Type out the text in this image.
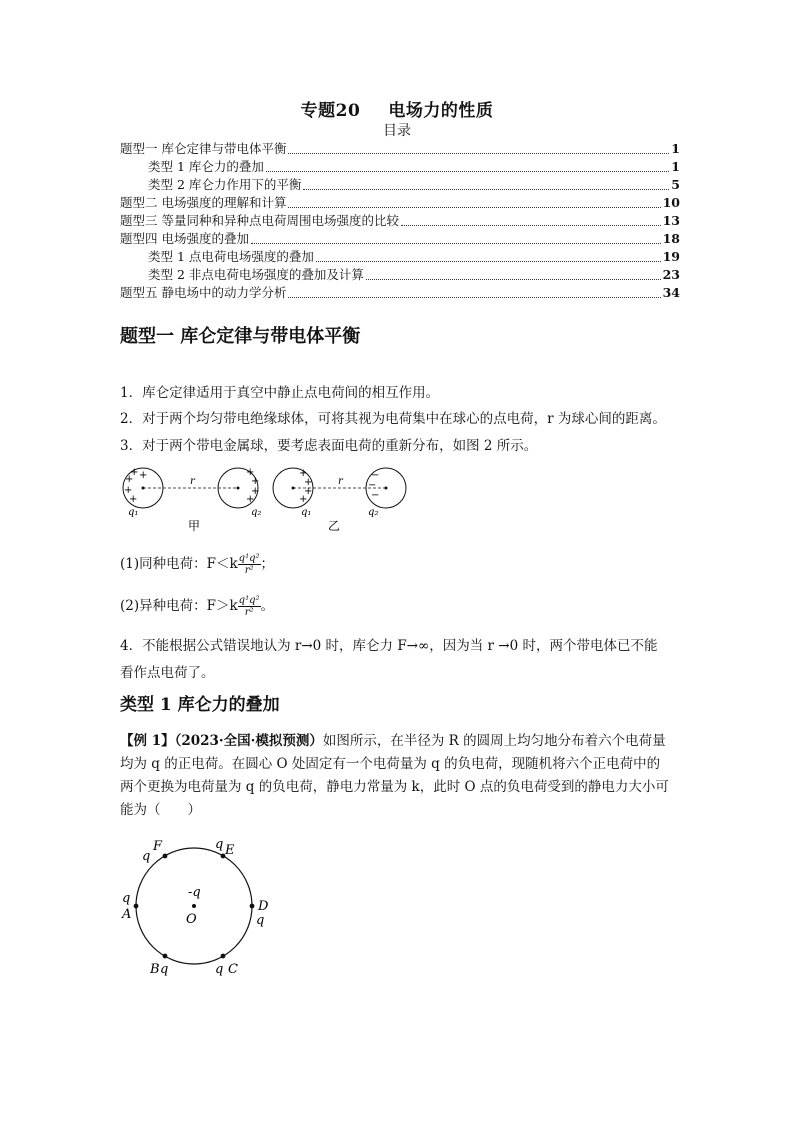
专题20 电场力的性质
目录
题型一 库仑定律与带电体平衡	1
类型 1 库仑力的叠加	1
类型 2 库仑力作用下的平衡	5
题型二 电场强度的理解和计算	10
题型三 等量同种和异种点电荷周围电场强度的比较	13
题型四 电场强度的叠加	18
类型 1 点电荷电场强度的叠加	19
类型 2 非点电荷电场强度的叠加及计算	23
题型五 静电场中的动力学分析	34
题型一 库仑定律与带电体平衡
1．库仑定律适用于真空中静止点电荷间的相互作用。
2．对于两个均匀带电绝缘球体，可将其视为电荷集中在球心的点电荷，r 为球心间的距离。
3．对于两个带电金属球，要考虑表面电荷的重新分布，如图 2 所示。
+
+
+
+
+	+
+
+
+
r
q₁	q₂
甲
+
+
+
+
−
−
−
r
q₁	q₂
乙
(1)同种电荷：$F<k \frac{\text{q¹q²}}{\text{r²}}$ ；
(2)异种电荷：$F>k \frac{\text{q¹q²}}{\text{r²}}$ 。
4．不能根据公式错误地认为 r→0 时，库仑力 F→∞，因为当 r →0 时，两个带电体已不能
看作点电荷了。
类型 1 库仑力的叠加
【例 1】（2023·全国·模拟预测）如图所示，在半径为 R 的圆周上均匀地分布着六个电荷量
均为 q 的正电荷。在圆心 O 处固定有一个电荷量为 q 的负电荷，现随机将六个正电荷中的
两个更换为电荷量为 q 的负电荷，静电力常量为 k，此时 O 点的负电荷受到的静电力大小可
能为（　　）
-q
O
q
A
D
q
q
F	q E
B q	q C
